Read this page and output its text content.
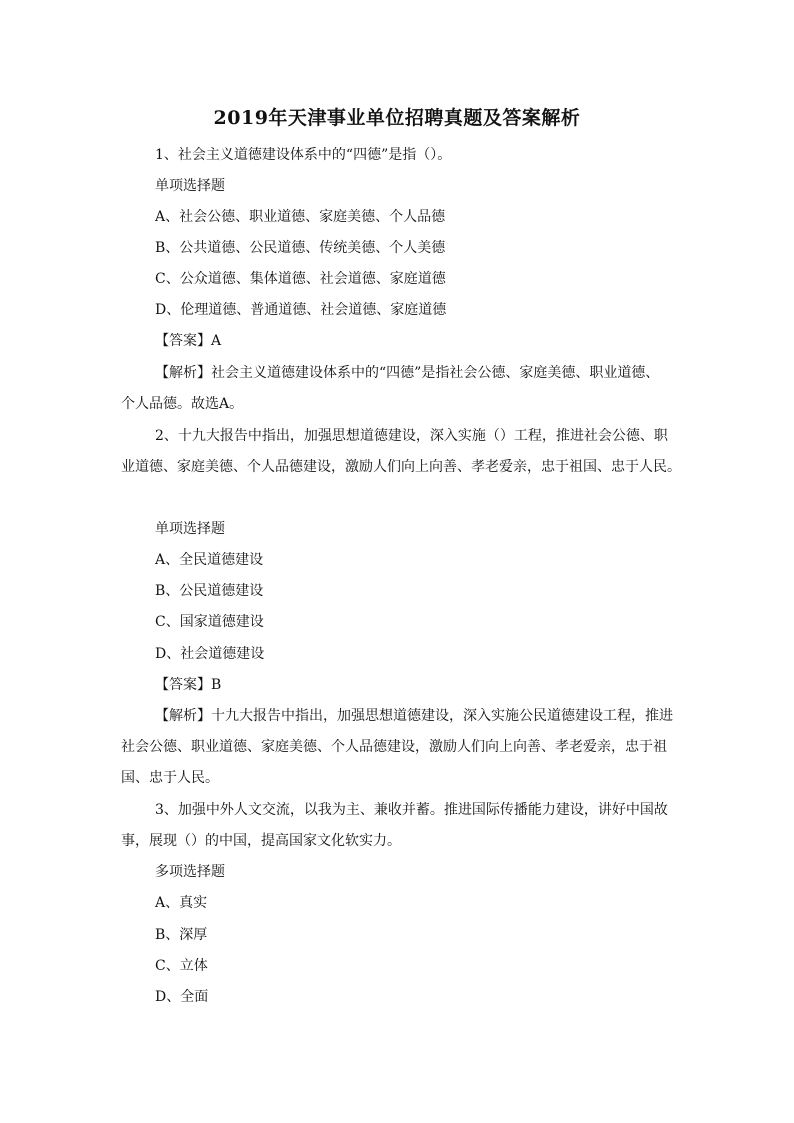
2019年天津事业单位招聘真题及答案解析
1、社会主义道德建设体系中的“四德”是指（）。
单项选择题
A、社会公德、职业道德、家庭美德、个人品德
B、公共道德、公民道德、传统美德、个人美德
C、公众道德、集体道德、社会道德、家庭道德
D、伦理道德、普通道德、社会道德、家庭道德
【答案】A
【解析】社会主义道德建设体系中的“四德”是指社会公德、家庭美德、职业道德、
个人品德。故选A。
2、十九大报告中指出，加强思想道德建设，深入实施（）工程，推进社会公德、职
业道德、家庭美德、个人品德建设，激励人们向上向善、孝老爱亲，忠于祖国、忠于人民。
单项选择题
A、全民道德建设
B、公民道德建设
C、国家道德建设
D、社会道德建设
【答案】B
【解析】十九大报告中指出，加强思想道德建设，深入实施公民道德建设工程，推进
社会公德、职业道德、家庭美德、个人品德建设，激励人们向上向善、孝老爱亲，忠于祖
国、忠于人民。
3、加强中外人文交流，以我为主、兼收并蓄。推进国际传播能力建设，讲好中国故
事，展现（）的中国，提高国家文化软实力。
多项选择题
A、真实
B、深厚
C、立体
D、全面
